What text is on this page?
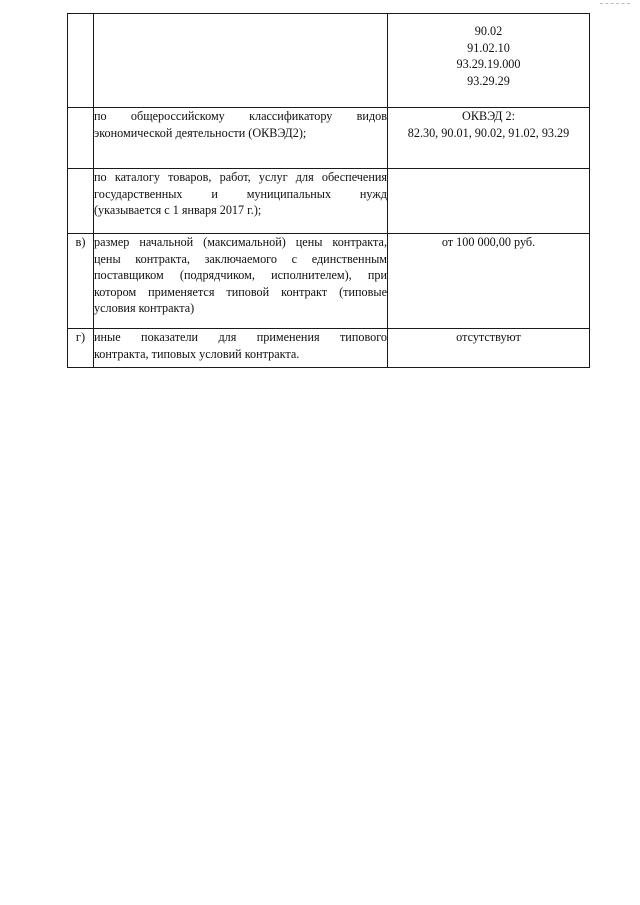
		90.02
91.02.10
93.29.19.000
93.29.29

	по общероссийскому классификатору видов
экономической деятельности (ОКВЭД2);	ОКВЭД 2:
82.30, 90.01, 90.02, 91.02, 93.29

	по каталогу товаров, работ, услуг для обеспечения
государственных и муниципальных нужд
(указывается с 1 января 2017 г.);	

в)	размер начальной (максимальной) цены контракта,
цены контракта, заключаемого с единственным
поставщиком (подрядчиком, исполнителем), при
котором применяется типовой контракт (типовые
условия контракта)	от 100 000,00 руб.

г)	иные показатели для применения типового
контракта, типовых условий контракта.	отсутствуют
